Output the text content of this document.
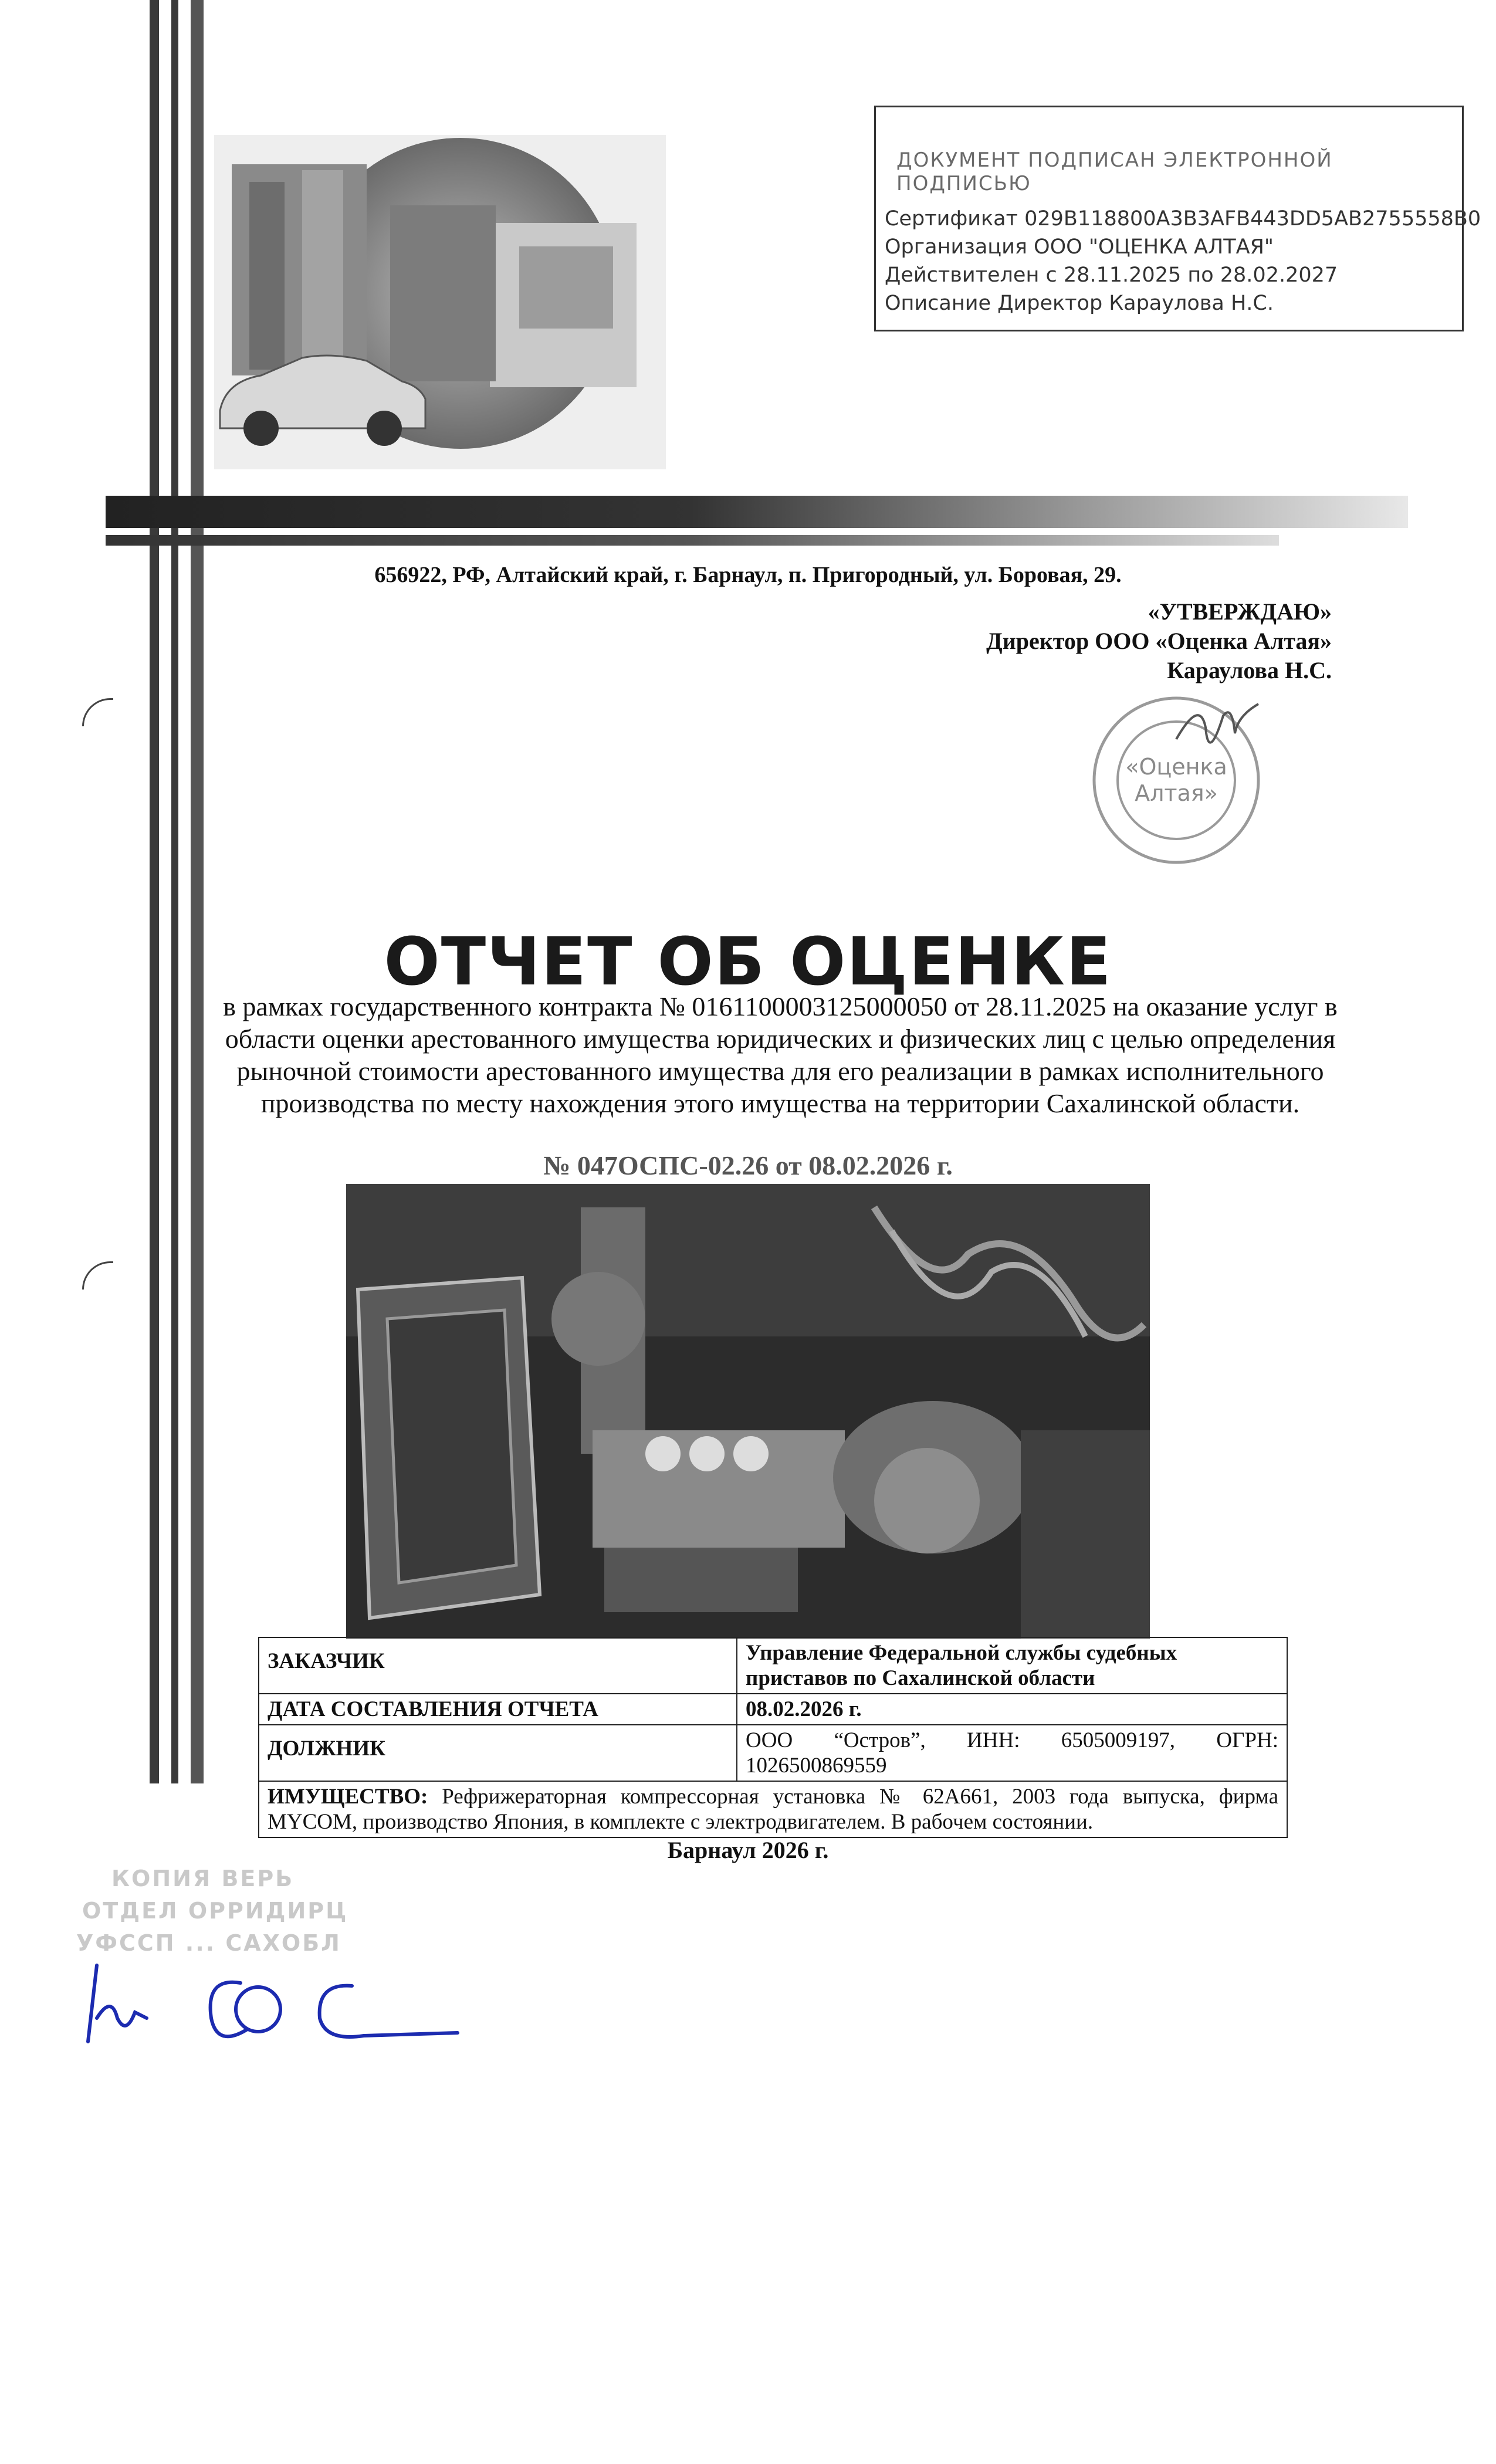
ДОКУМЕНТ ПОДПИСАН ЭЛЕКТРОННОЙ ПОДПИСЬЮ
Сертификат 029B118800A3B3AFB443DD5AB2755558B0
Организация ООО "ОЦЕНКА АЛТАЯ"
Действителен с 28.11.2025 по 28.02.2027
Описание Директор Караулова Н.С.
656922, РФ, Алтайский край, г. Барнаул, п. Пригородный, ул. Боровая, 29.
«УТВЕРЖДАЮ»
Директор ООО «Оценка Алтая»
Караулова Н.С.
«Оценка
Алтая»
ОТЧЕТ ОБ ОЦЕНКЕ
в рамках государственного контракта № 0161100003125000050 от 28.11.2025 на оказание услуг в области оценки арестованного имущества юридических и физических лиц с целью определения рыночной стоимости арестованного имущества для его реализации в рамках исполнительного производства по месту нахождения этого имущества на территории Сахалинской области.
№ 047ОСПС-02.26 от 08.02.2026 г.
ЗАКАЗЧИК	Управление Федеральной службы судебных приставов по Сахалинской области
ДАТА СОСТАВЛЕНИЯ ОТЧЕТА	08.02.2026 г.
ДОЛЖНИК	ООО “Остров”, ИНН: 6505009197, ОГРН: 1026500869559
ИМУЩЕСТВО: Рефрижераторная компрессорная установка № 62А661, 2003 года выпуска, фирма MYCOM, производство Япония, в комплекте с электродвигателем. В рабочем состоянии.	
Барнаул 2026 г.
КОПИЯ ВЕРЬ
ОТДЕЛ ОРРИДИРЦ
УФССП ... САХОБЛ
